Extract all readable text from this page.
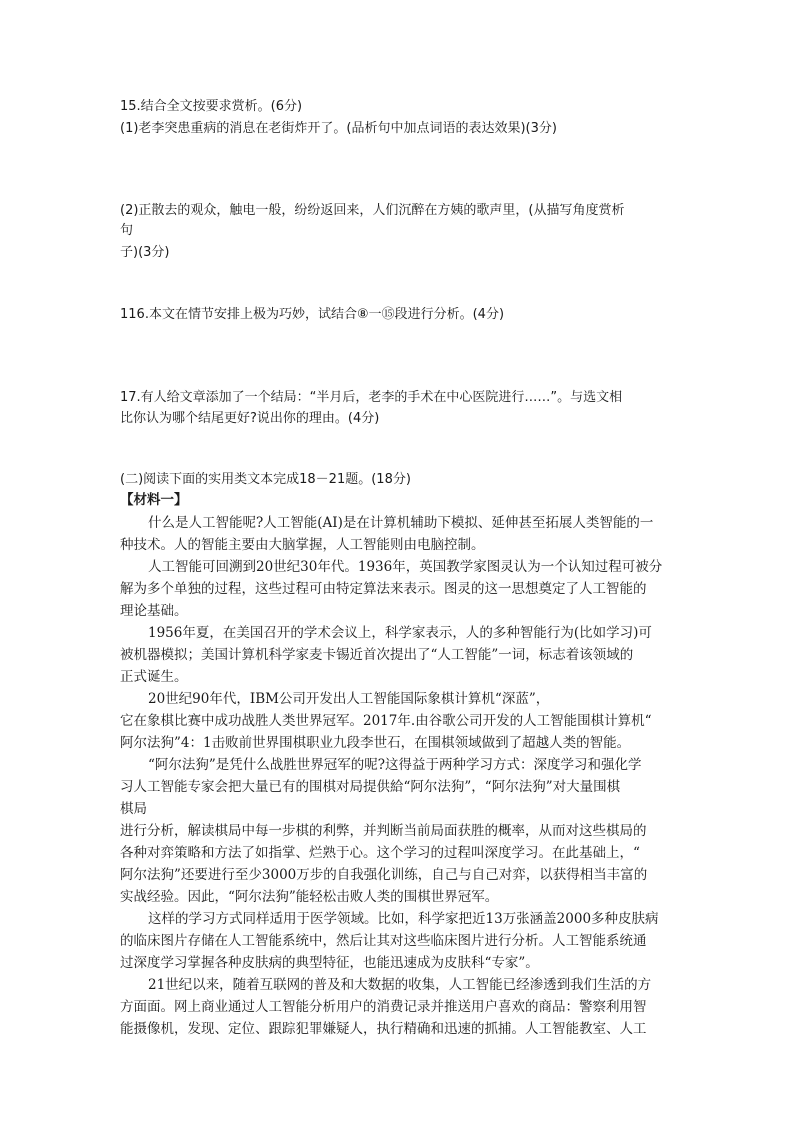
15.结合全文按要求赏析。(6分)
(1)老李突患重病的消息在老街炸开了。(品析句中加点词语的表达效果)(3分)
(2)正散去的观众，触电一般，纷纷返回来，人们沉醉在方姨的歌声里，(从描写角度赏析
句
子)(3分)
116.本文在情节安排上极为巧妙，试结合⑧一⑮段进行分析。(4分)
17.有人给文章添加了一个结局：“半月后，老李的手术在中心医院进行……”。与选文相
比你认为哪个结尾更好?说出你的理由。(4分)
(二)阅读下面的实用类文本完成18－21题。(18分)
【材料一】
什么是人工智能呢?人工智能(AI)是在计算机辅助下模拟、延伸甚至拓展人类智能的一
种技术。人的智能主要由大脑掌握，人工智能则由电脑控制。
人工智能可回溯到20世纪30年代。1936年，英国教学家图灵认为一个认知过程可被分
解为多个单独的过程，这些过程可由特定算法来表示。图灵的这一思想奠定了人工智能的
理论基础。
1956年夏，在美国召开的学术会议上，科学家表示，人的多种智能行为(比如学习)可
被机器模拟；美国计算机科学家麦卡锡近首次提出了“人工智能”一词，标志着该领域的
正式诞生。
20世纪90年代，IBM公司开发出人工智能国际象棋计算机“深蓝”，
它在象棋比赛中成功战胜人类世界冠军。2017年.由谷歌公司开发的人工智能围棋计算机“
阿尔法狗”4：1击败前世界围棋职业九段李世石，在围棋领域做到了超越人类的智能。
“阿尔法狗”是凭什么战胜世界冠军的呢?这得益于两种学习方式：深度学习和强化学
习人工智能专家会把大量已有的围棋对局提供給“阿尔法狗”，“阿尔法狗”对大量围棋
棋局
进行分析，解读棋局中每一步棋的利弊，并判断当前局面获胜的概率，从而对这些棋局的
各种对弈策略和方法了如指掌、烂熟于心。这个学习的过程叫深度学习。在此基础上，“
阿尔法狗”还要进行至少3000万步的自我强化训练，自己与自己对弈，以获得相当丰富的
实战经验。因此，“阿尔法狗”能轻松击败人类的围棋世界冠军。
这样的学习方式同样适用于医学领域。比如，科学家把近13万张涵盖2000多种皮肤病
的临床图片存储在人工智能系统中，然后让其对这些临床图片进行分析。人工智能系统通
过深度学习掌握各种皮肤病的典型特征，也能迅速成为皮肤科“专家”。
21世纪以来，随着互联网的普及和大数据的收集，人工智能已经渗透到我们生活的方
方面面。网上商业通过人工智能分析用户的消费记录并推送用户喜欢的商品：警察利用智
能摄像机，发现、定位、跟踪犯罪嫌疑人，执行精确和迅速的抓捕。人工智能教室、人工
